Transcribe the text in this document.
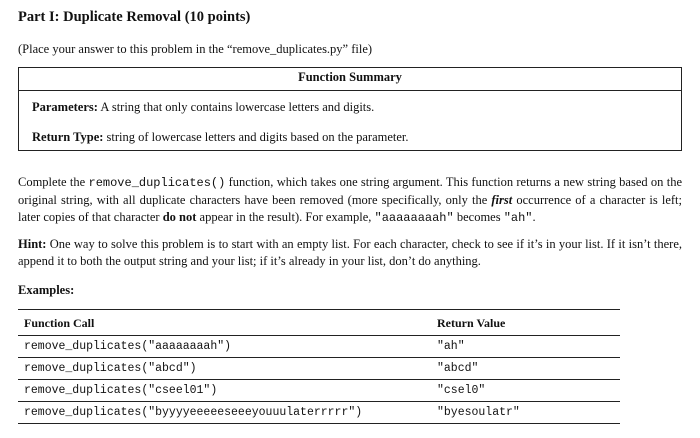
Part I: Duplicate Removal (10 points)
(Place your answer to this problem in the “remove_duplicates.py” file)
Function Summary
Parameters: A string that only contains lowercase letters and digits.
Return Type: string of lowercase letters and digits based on the parameter.
Complete the remove_duplicates() function, which takes one string argument. This function returns a new string based on the original string, with all duplicate characters have been removed (more specifically, only the first occurrence of a character is left; later copies of that character do not appear in the result). For example, "aaaaaaaah" becomes "ah".
Hint: One way to solve this problem is to start with an empty list. For each character, check to see if it’s in your list. If it isn’t there, append it to both the output string and your list; if it’s already in your list, don’t do anything.
Examples:
Function Call	Return Value
remove_duplicates("aaaaaaaah")	"ah"
remove_duplicates("abcd")	"abcd"
remove_duplicates("cseel01")	"csel0"
remove_duplicates("byyyyeeeeeseeeyouuulaterrrrr")	"byesoulatr"
